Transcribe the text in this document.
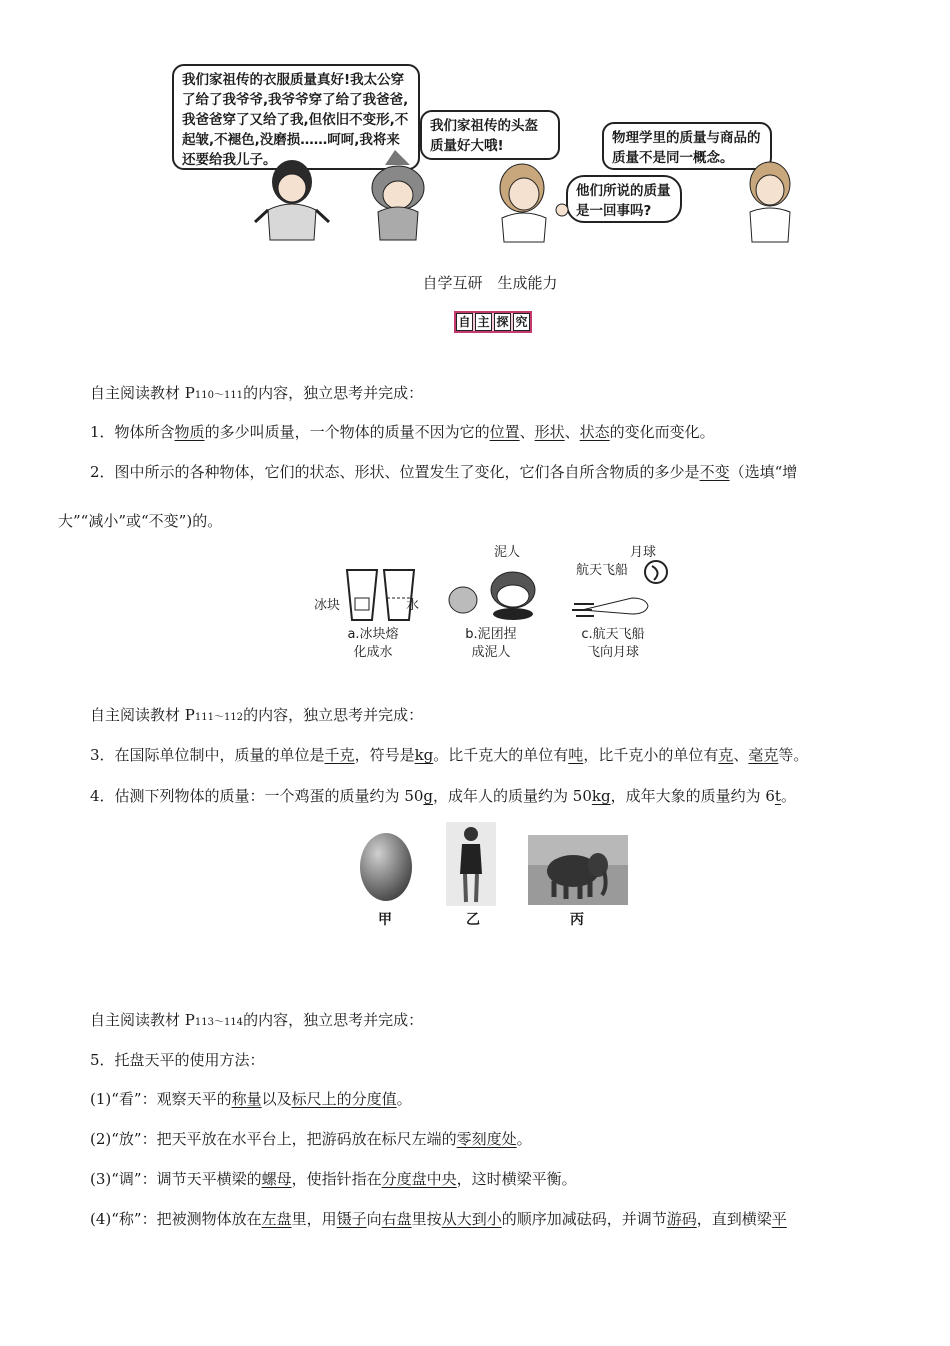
我们家祖传的衣服质量真好!我太公穿了给了我爷爷,我爷爷穿了给了我爸爸,我爸爸穿了又给了我,但依旧不变形,不起皱,不褪色,没磨损……呵呵,我将来还要给我儿子。
我们家祖传的头盔质量好大哦!
他们所说的质量是一回事吗?
物理学里的质量与商品的质量不是同一概念。
自学互研　生成能力
自 主 探 究
自主阅读教材 P110～111的内容，独立思考并完成：
1．物体所含物质的多少叫质量，一个物体的质量不因为它的位置、形状、状态的变化而变化。
2．图中所示的各种物体，它们的状态、形状、位置发生了变化，它们各自所含物质的多少是不变（选填“增
大”“减小”或“不变”)的。
冰块	水
泥人	月球
航天飞船
a.冰块熔
化成水
b.泥团捏
成泥人
c.航天飞船
飞向月球
自主阅读教材 P111～112的内容，独立思考并完成：
3．在国际单位制中，质量的单位是千克，符号是kg。比千克大的单位有吨，比千克小的单位有克、毫克等。
4．估测下列物体的质量：一个鸡蛋的质量约为 50g，成年人的质量约为 50kg，成年大象的质量约为 6t。
甲	乙	丙
自主阅读教材 P113～114的内容，独立思考并完成：
5．托盘天平的使用方法：
(1)“看”：观察天平的称量以及标尺上的分度值。
(2)“放”：把天平放在水平台上，把游码放在标尺左端的零刻度处。
(3)“调”：调节天平横梁的螺母，使指针指在分度盘中央，这时横梁平衡。
(4)“称”：把被测物体放在左盘里，用镊子向右盘里按从大到小的顺序加减砝码，并调节游码，直到横梁平
